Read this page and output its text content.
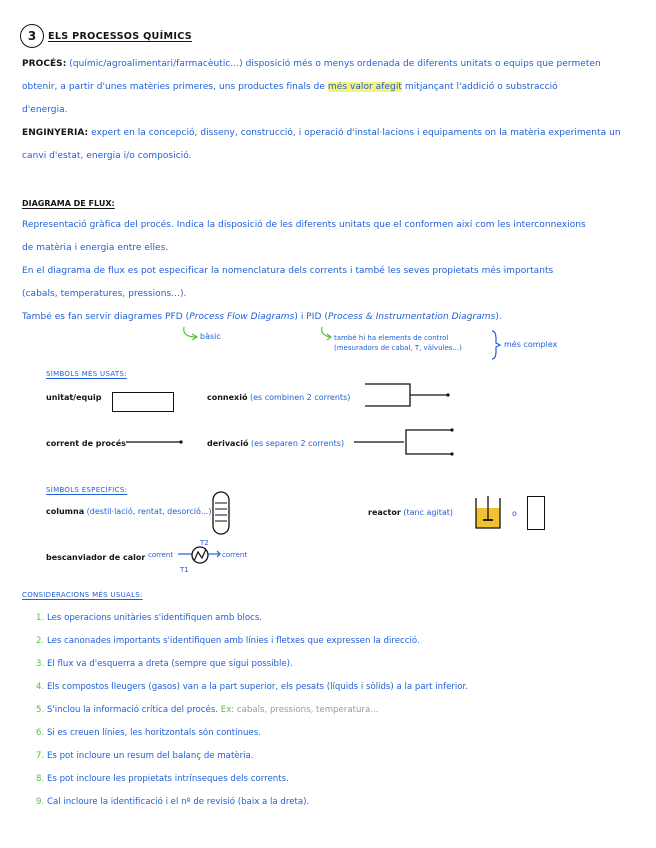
3 ELS PROCESSOS QUÍMICS
PROCÉS: (químic/agroalimentari/farmacèutic...) disposició més o menys ordenada de diferents unitats o equips que permeten
obtenir, a partir d'unes matèries primeres, uns productes finals de més valor afegit mitjançant l'addició o substracció
d'energia.
ENGINYERIA: expert en la concepció, disseny, construcció, i operació d'instal·lacions i equipaments on la matèria experimenta un
canvi d'estat, energia i/o composició.
DIAGRAMA DE FLUX:
Representació gràfica del procés. Indica la disposició de les diferents unitats que el conformen així com les interconnexions
de matèria i energia entre elles.
En el diagrama de flux es pot especificar la nomenclatura dels corrents i també les seves propietats més importants
(cabals, temperatures, pressions...).
També es fan servir diagrames PFD (Process Flow Diagrams) i PID (Process & Instrumentation Diagrams).
bàsic	també hi ha elements de control
(mesuradors de cabal, T, vàlvules...)	més complex
SÍMBOLS MÉS USATS:
unitat/equip	connexió (es combinen 2 corrents)
corrent de procés	derivació (es separen 2 corrents)
SÍMBOLS ESPECÍFICS:
columna (destil·lació, rentat, desorció...)	reactor (tanc agitat)	o
bescanviador de calor corrent
T2
T1
corrent
CONSIDERACIONS MÉS USUALS:
1. Les operacions unitàries s'identifiquen amb blocs.
2. Les canonades importants s'identifiquen amb línies i fletxes que expressen la direcció.
3. El flux va d'esquerra a dreta (sempre que sigui possible).
4. Els compostos lleugers (gasos) van a la part superior, els pesats (líquids i sòlids) a la part inferior.
5. S'inclou la informació crítica del procés. Ex: cabals, pressions, temperatura...
6. Si es creuen línies, les horitzontals són contínues.
7. Es pot incloure un resum del balanç de matèria.
8. Es pot incloure les propietats intrínseques dels corrents.
9. Cal incloure la identificació i el nº de revisió (baix a la dreta).
